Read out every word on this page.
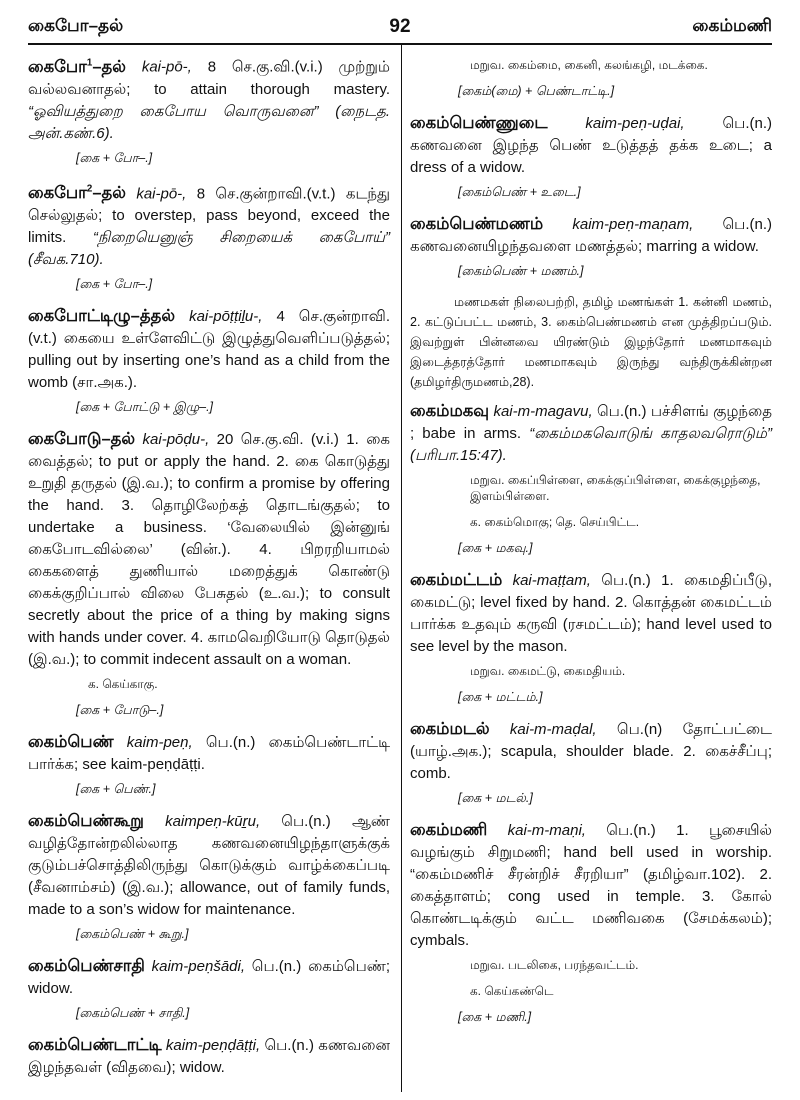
கைபோ–தல்	92	கைம்மணி
கைபோ$^1$–தல் kai-pō-, 8 செ.கு.வி.(v.i.) முற்றும் வல்லவனாதல்; to attain thorough mastery. “ஓவியத்துறை கைபோய வொருவனை” (நைடத. அன்.கண்.6).
[கை + போ–.]
கைபோ$^2$–தல் kai-pō-, 8 செ.குன்றாவி.(v.t.) கடந்து செல்லுதல்; to overstep, pass beyond, exceed the limits. “நிறையெனுஞ் சிறையைக் கைபோய்” (சீவக.710).
[கை + போ–.]
கைபோட்டிழு–த்தல் kai-pōṭṭiḻu-, 4 செ.குன்றாவி. (v.t.) கையை உள்ளேவிட்டு இழுத்துவெளிப்படுத்தல்; pulling out by inserting one’s hand as a child from the womb (சா.அக.).
[கை + போட்டு + இழு–.]
கைபோடு–தல் kai-pōḍu-, 20 செ.கு.வி. (v.i.) 1. கை வைத்தல்; to put or apply the hand. 2. கை கொடுத்து உறுதி தருதல் (இ.வ.); to confirm a promise by offering the hand. 3. தொழிலேற்கத் தொடங்குதல்; to undertake a business. ‘வேலையில் இன்னுங் கைபோடவில்லை’ (வின்.). 4. பிறரறியாமல் கைகளைத் துணியால் மறைத்துக் கொண்டு கைக்குறிப்பால் விலை பேசுதல் (உ.வ.); to consult secretly about the price of a thing by making signs with hands under cover. 4. காமவெறியோடு தொடுதல் (இ.வ.); to commit indecent assault on a woman.
க. கெய்காகு.
[கை + போடு–.]
கைம்பெண் kaim-peṇ, பெ.(n.) கைம்பெண்டாட்டி பார்க்க; see kaim-peṇḍāṭṭi.
[கை + பெண்.]
கைம்பெண்கூறு kaimpeṇ-kūṟu, பெ.(n.) ஆண் வழித்தோன்றலில்லாத கணவனையிழந்தாளுக்குக் குடும்பச்சொத்திலிருந்து கொடுக்கும் வாழ்க்கைப்படி (சீவனாம்சம்) (இ.வ.); allowance, out of family funds, made to a son’s widow for maintenance.
[கைம்பெண் + கூறு.]
கைம்பெண்சாதி kaim-peṇšādi, பெ.(n.) கைம்பெண்; widow.
[கைம்பெண் + சாதி.]
கைம்பெண்டாட்டி kaim-peṇḍāṭṭi, பெ.(n.) கணவனை இழந்தவள் (விதவை); widow.
மறுவ. கைம்மை, கைனி, கலங்கழி, மடக்கை.
[கைம்(மை) + பெண்டாட்டி.]
கைம்பெண்ணுடை	kaim-peṇ-uḍai,	பெ.(n.) கணவனை இழந்த பெண் உடுத்தத் தக்க உடை; a dress of a widow.
[கைம்பெண் + உடை.]
கைம்பெண்மணம் kaim-peṇ-maṇam, பெ.(n.) கணவனையிழந்தவளை மணத்தல்; marring a widow.
[கைம்பெண் + மணம்.]
மணமகள் நிலைபற்றி, தமிழ் மணங்கள் 1. கன்னி மணம், 2. கட்டுப்பட்ட மணம், 3. கைம்பெண்மணம் என முத்திறப்படும். இவற்றுள் பின்னவை யிரண்டும் இழந்தோர் மணமாகவும் இடைத்தரத்தோர் மணமாகவும் இருந்து வந்திருக்கின்றன (தமிழர்திருமணம்,28).
கைம்மகவு kai-m-magavu, பெ.(n.) பச்சிளங் குழந்தை ; babe in arms. “கைம்மகவொடுங் காதலவரொடும்” (பரிபா.15:47).
மறுவ. கைப்பிள்ளை, கைக்குப்பிள்ளை, கைக்குழந்தை, இளம்பிள்ளை.
க. கைம்மொகு; தெ. செய்பிட்ட.
[கை + மகவு.]
கைம்மட்டம் kai-maṭṭam, பெ.(n.) 1. கைமதிப்பீடு, கைமட்டு; level fixed by hand. 2. கொத்தன் கைமட்டம் பார்க்க உதவும் கருவி (ரசமட்டம்); hand level used to see level by the mason.
மறுவ. கைமட்டு, கைமதியம்.
[கை + மட்டம்.]
கைம்மடல் kai-m-maḍal, பெ.(n) தோட்பட்டை (யாழ்.அக.); scapula, shoulder blade. 2. கைச்சீப்பு; comb.
[கை + மடல்.]
கைம்மணி kai-m-maṇi, பெ.(n.) 1. பூசையில் வழங்கும் சிறுமணி; hand bell used in worship. “கைம்மணிச் சீரன்றிச் சீரறியா” (தமிழ்வா.102). 2. கைத்தாளம்; cong used in temple. 3. கோல் கொண்டடிக்கும் வட்ட மணிவகை (சேமக்கலம்); cymbals.
மறுவ. படலிகை, பரந்தவட்டம்.
க. கெய்கண்டெ
[கை + மணி.]
